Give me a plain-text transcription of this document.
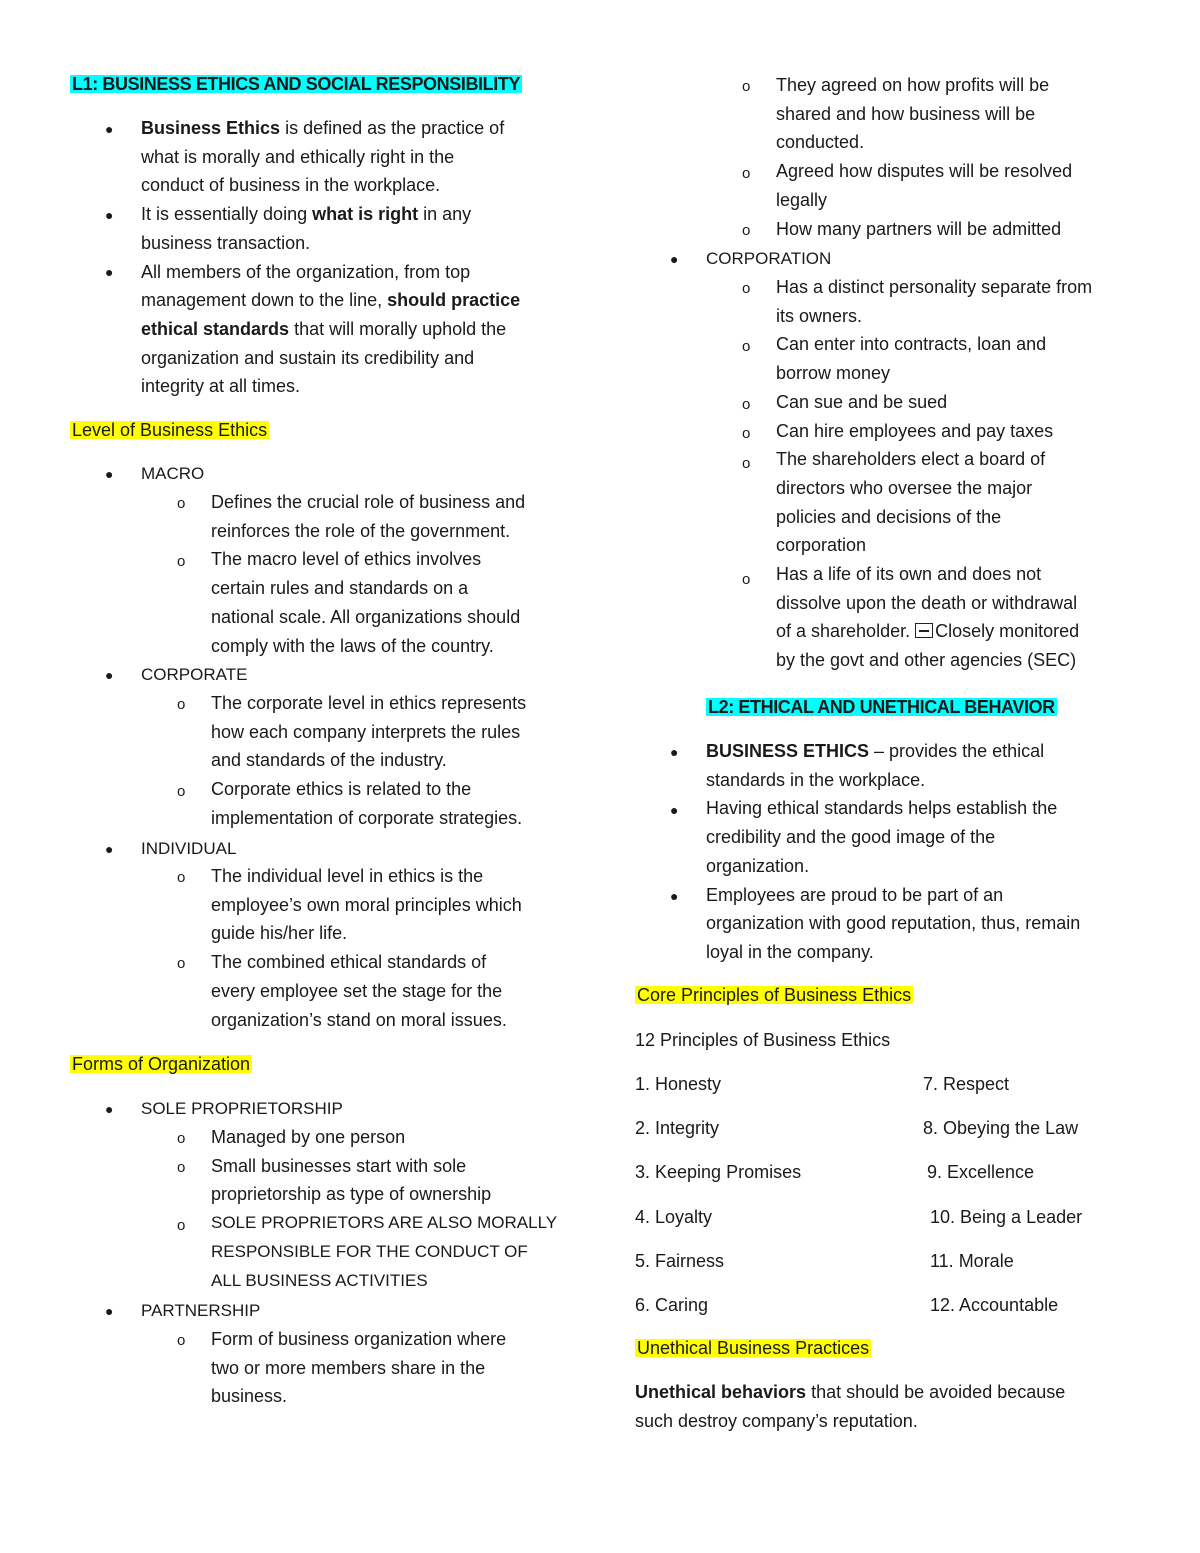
L1: BUSINESS ETHICS AND SOCIAL RESPONSIBILITY
●
●
●
Business Ethics is defined as the practice of
what is morally and ethically right in the
conduct of business in the workplace.
It is essentially doing what is right in any
business transaction.
All members of the organization, from top
management down to the line, should practice
ethical standards that will morally uphold the
organization and sustain its credibility and
integrity at all times.
Level of Business Ethics
● MACRO
o
o
Defines the crucial role of business and
reinforces the role of the government.
The macro level of ethics involves
certain rules and standards on a
national scale. All organizations should
comply with the laws of the country.
● CORPORATE
o
o
The corporate level in ethics represents
how each company interprets the rules
and standards of the industry.
Corporate ethics is related to the
implementation of corporate strategies.
● INDIVIDUAL
o
o
The individual level in ethics is the
employee’s own moral principles which
guide his/her life.
The combined ethical standards of
every employee set the stage for the
organization’s stand on moral issues.
Forms of Organization
● SOLE PROPRIETORSHIP
o
o
o
Managed by one person
Small businesses start with sole
proprietorship as type of ownership
SOLE PROPRIETORS ARE ALSO MORALLY
RESPONSIBLE FOR THE CONDUCT OF
ALL BUSINESS ACTIVITIES
● PARTNERSHIP
o Form of business organization where
two or more members share in the
business.
o
o
o
They agreed on how profits will be
shared and how business will be
conducted.
Agreed how disputes will be resolved
legally
How many partners will be admitted
● CORPORATION
o
o
o
o
o
o
Has a distinct personality separate from
its owners.
Can enter into contracts, loan and
borrow money
Can sue and be sued
Can hire employees and pay taxes
The shareholders elect a board of
directors who oversee the major
policies and decisions of the
corporation
Has a life of its own and does not
dissolve upon the death or withdrawal
of a shareholder. Closely monitored
by the govt and other agencies (SEC)
L2: ETHICAL AND UNETHICAL BEHAVIOR
●
●
●
BUSINESS ETHICS – provides the ethical
standards in the workplace.
Having ethical standards helps establish the
credibility and the good image of the
organization.
Employees are proud to be part of an
organization with good reputation, thus, remain
loyal in the company.
Core Principles of Business Ethics
12 Principles of Business Ethics
1. Honesty
2. Integrity
3. Keeping Promises
4. Loyalty
5. Fairness
6. Caring
7. Respect
8. Obeying the Law
9. Excellence
10. Being a Leader
11. Morale
12. Accountable
Unethical Business Practices
Unethical behaviors that should be avoided because
such destroy company’s reputation.
